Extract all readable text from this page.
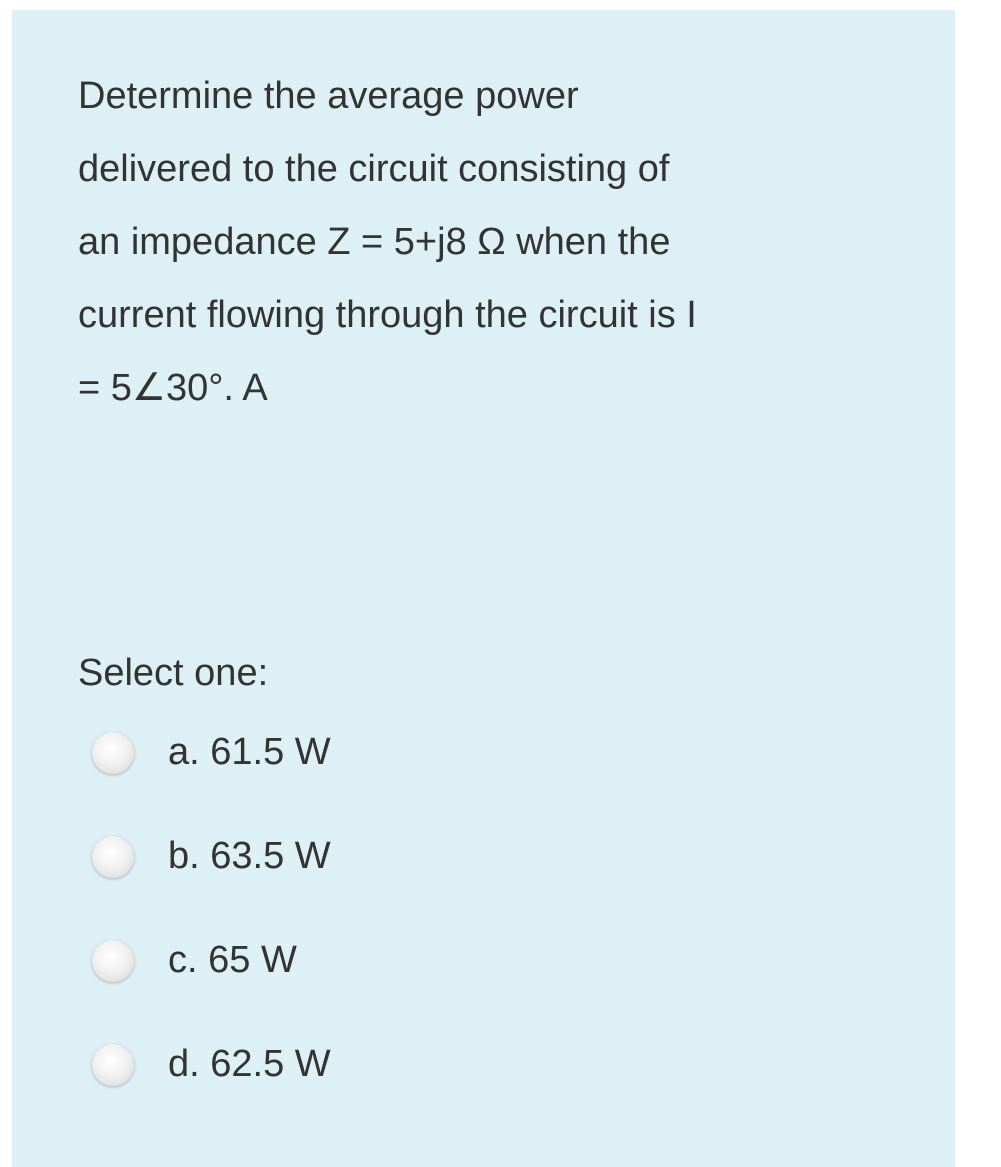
Determine the average power
delivered to the circuit consisting of
an impedance Z = 5+j8 Ω when the
current flowing through the circuit is I
= 5∠30°. A
Select one:
a. 61.5 W
b. 63.5 W
c. 65 W
d. 62.5 W
